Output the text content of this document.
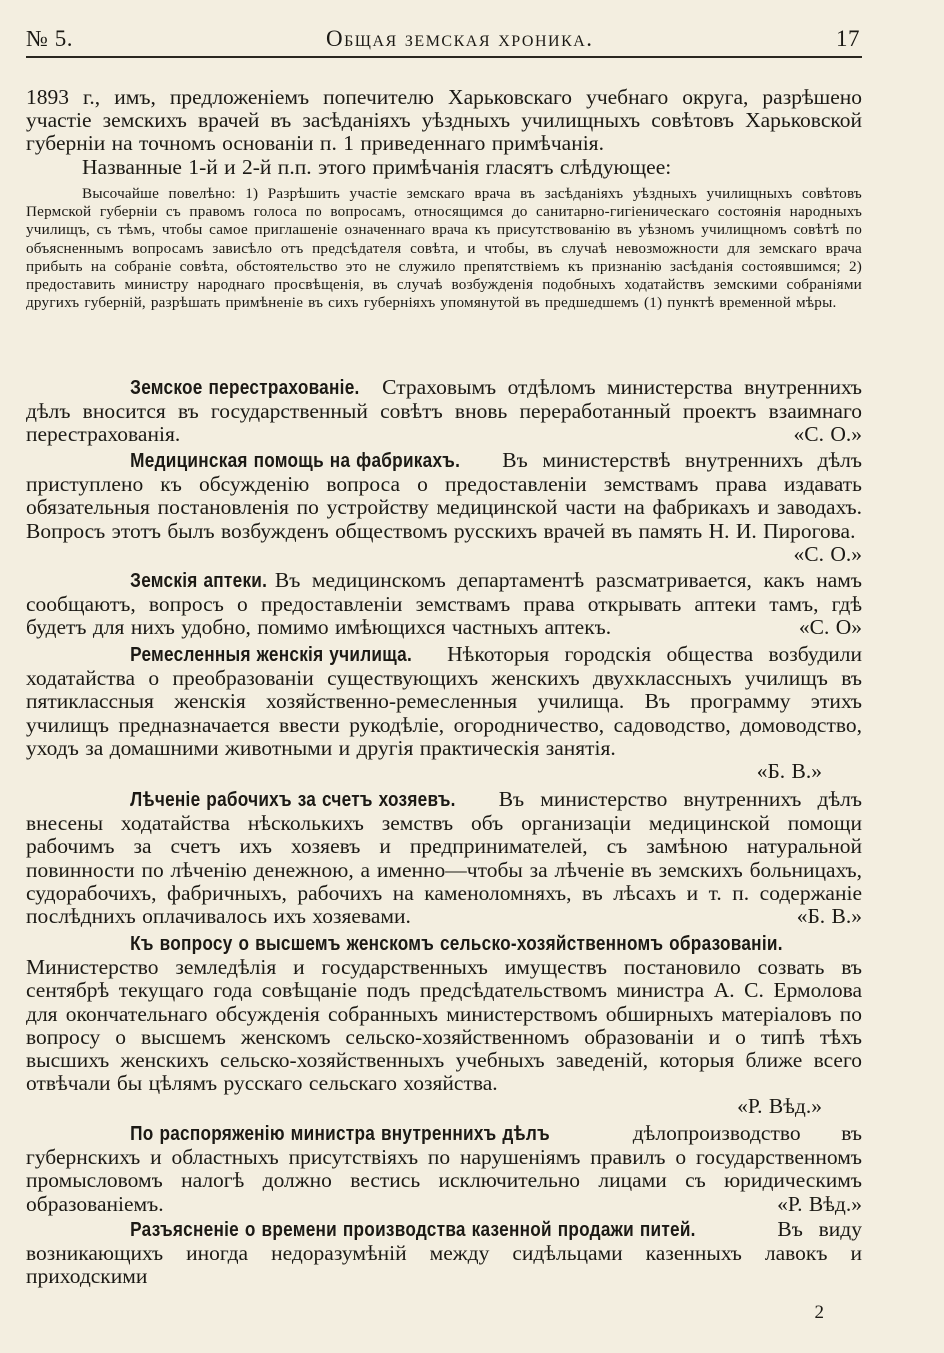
№ 5.	Общая земская хроника.	17

1893 г., имъ, предложеніемъ попечителю Харьковскаго учебнаго округа, разрѣшено участіе земскихъ врачей въ засѣданіяхъ уѣздныхъ училищныхъ совѣтовъ Харьковской губерніи на точномъ основаніи п. 1 приведеннаго примѣчанія.

Названные 1-й и 2-й п.п. этого примѣчанія гласятъ слѣдующее:

Высочайше повелѣно: 1) Разрѣшить участіе земскаго врача въ засѣданіяхъ уѣздныхъ училищныхъ совѣтовъ Пермской губерніи съ правомъ голоса по вопросамъ, относящимся до санитарно-гигіеническаго состоянія народныхъ училищъ, съ тѣмъ, чтобы самое приглашеніе означеннаго врача къ присутствованію въ уѣзномъ училищномъ совѣтѣ по объясненнымъ вопросамъ зависѣло отъ предсѣдателя совѣта, и чтобы, въ случаѣ невозможности для земскаго врача прибыть на собраніе совѣта, обстоятельство это не служило препятствіемъ къ признанію засѣданія состоявшимся; 2) предоставить министру народнаго просвѣщенія, въ случаѣ возбужденія подобныхъ ходатайствъ земскими собраніями другихъ губерній, разрѣшать примѣненіе въ сихъ губерніяхъ упомянутой въ предшедшемъ (1) пунктѣ временной мѣры.

Земское перестрахованіе. Страховымъ отдѣломъ министерства внутреннихъ дѣлъ вносится въ государственный совѣтъ вновь переработанный проектъ взаимнаго перестрахованія.	«С. О.»

Медицинская помощь на фабрикахъ. Въ министерствѣ внутреннихъ дѣлъ приступлено къ обсужденію вопроса о предоставленіи земствамъ права издавать обязательныя постановленія по устройству медицинской части на фабрикахъ и заводахъ. Вопросъ этотъ былъ возбужденъ обществомъ русскихъ врачей въ память Н. И. Пирогова.
«С. О.»

Земскія аптеки. Въ медицинскомъ департаментѣ разсматривается, какъ намъ сообщаютъ, вопросъ о предоставленіи земствамъ права открывать аптеки тамъ, гдѣ будетъ для нихъ удобно, помимо имѣющихся частныхъ аптекъ.	«С. О»

Ремесленныя женскія училища. Нѣкоторыя городскія общества возбудили ходатайства о преобразованіи существующихъ женскихъ двухклассныхъ училищъ въ пятиклассныя женскія хозяйственно-ремесленныя училища. Въ программу этихъ училищъ предназначается ввести рукодѣліе, огородничество, садоводство, домоводство, уходъ за домашними животными и другія практическія занятія.
«Б. В.»

Лѣченіе рабочихъ за счетъ хозяевъ. Въ министерство внутреннихъ дѣлъ внесены ходатайства нѣсколькихъ земствъ объ организаціи медицинской помощи рабочимъ за счетъ ихъ хозяевъ и предпринимателей, съ замѣною натуральной повинности по лѣченію денежною, а именно—чтобы за лѣченіе въ земскихъ больницахъ, судорабочихъ, фабричныхъ, рабочихъ на каменоломняхъ, въ лѣсахъ и т. п. содержаніе послѣднихъ оплачивалось ихъ хозяевами.	«Б. В.»

Къ вопросу о высшемъ женскомъ сельско-хозяйственномъ образованіи. Министерство земледѣлія и государственныхъ имуществъ постановило созвать въ сентябрѣ текущаго года совѣщаніе подъ предсѣдательствомъ министра А. С. Ермолова для окончательнаго обсужденія собранныхъ министерствомъ обширныхъ матеріаловъ по вопросу о высшемъ женскомъ сельско-хозяйственномъ образованіи и о типѣ тѣхъ высшихъ женскихъ сельско-хозяйственныхъ учебныхъ заведеній, которыя ближе всего отвѣчали бы цѣлямъ русскаго сельскаго хозяйства.
«Р. Вѣд.»

По распоряженію министра внутреннихъ дѣлъ	дѣлопроизводство въ губернскихъ и областныхъ присутствіяхъ по нарушеніямъ правилъ о государственномъ промысловомъ налогѣ должно вестись исключительно лицами съ юридическимъ образованіемъ.	«Р. Вѣд.»

Разъясненіе о времени производства казенной продажи питей.	Въ виду возникающихъ иногда недоразумѣній между сидѣльцами казенныхъ лавокъ и приходскими

2
